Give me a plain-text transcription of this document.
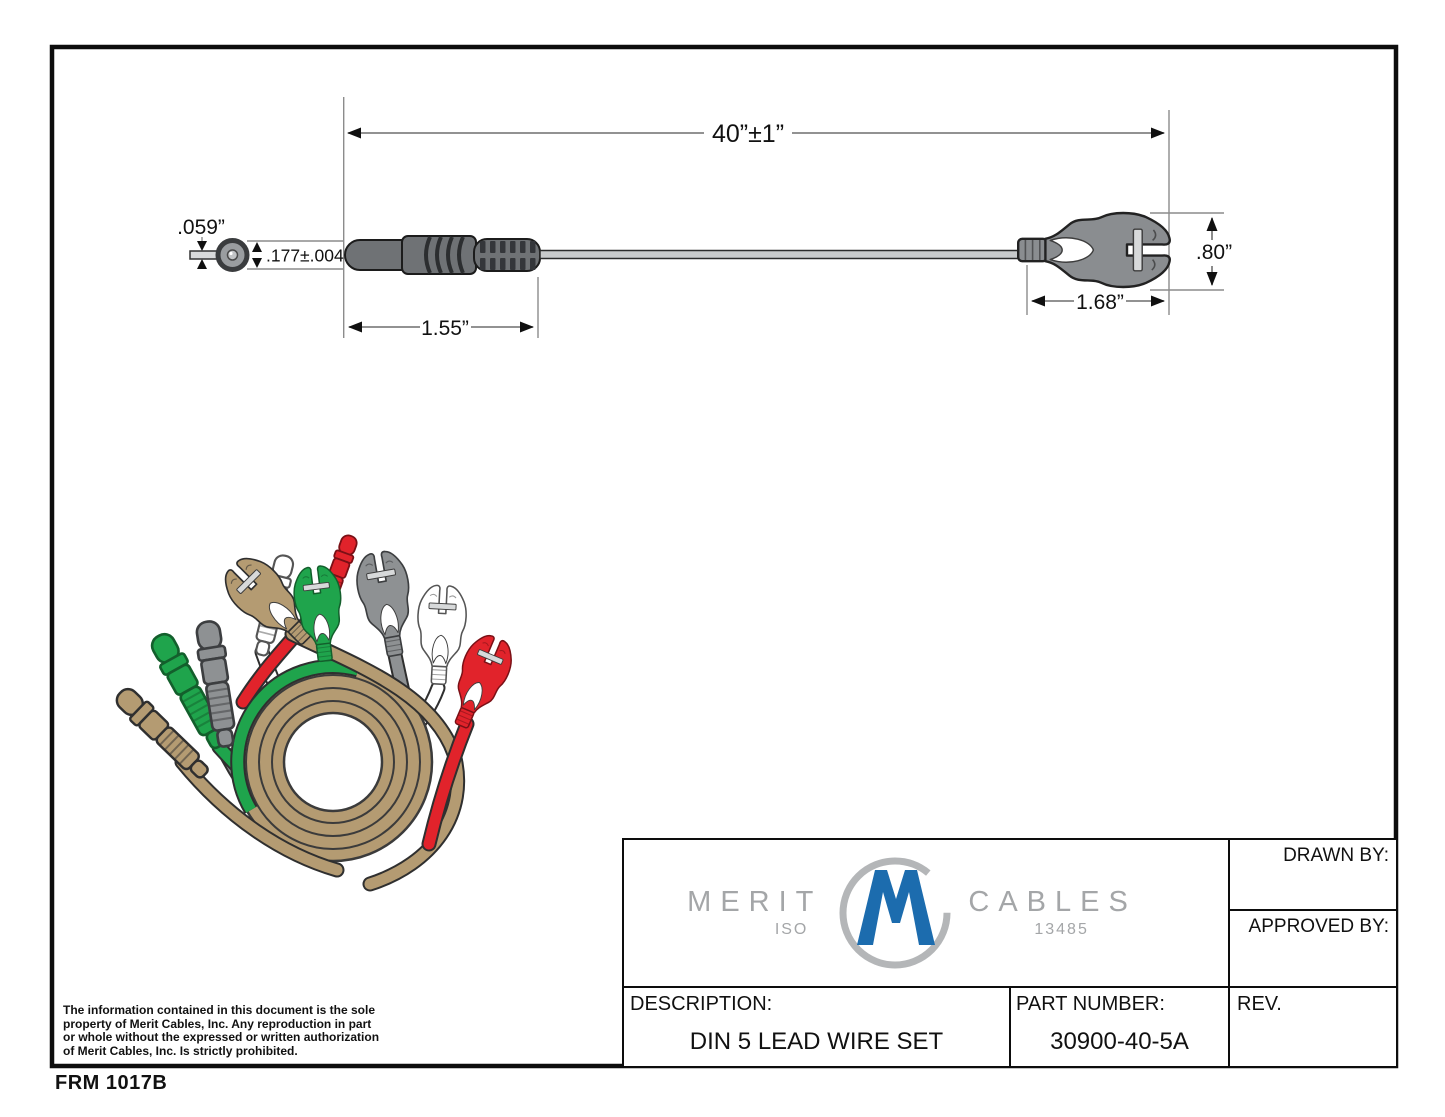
40”±1”
1.55”
1.68”
.80”
.059”
.177±.004
MERIT
ISO
CABLES
13485
DRAWN BY:
APPROVED BY:
DESCRIPTION:
DIN 5 LEAD WIRE SET
PART NUMBER:
30900-40-5A
REV.
The information contained in this document is the sole
property of Merit Cables, Inc. Any reproduction in part
or whole without the expressed or written authorization
of Merit Cables, Inc. Is strictly prohibited.
FRM 1017B
